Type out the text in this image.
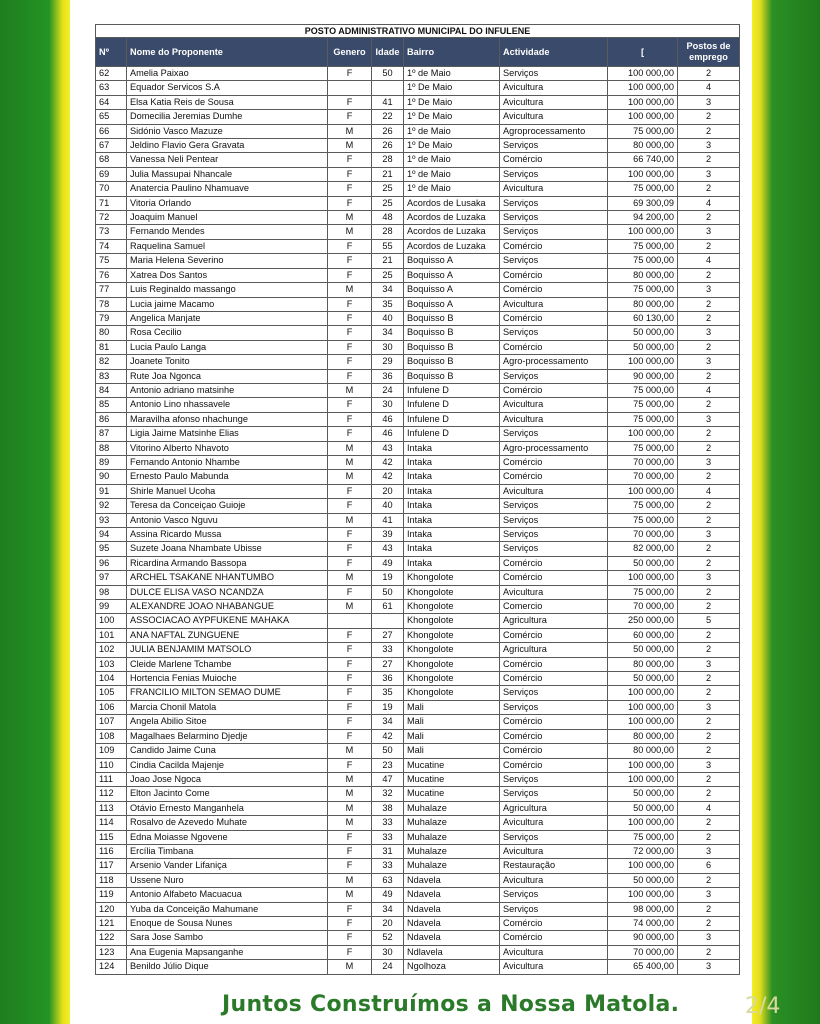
POSTO ADMINISTRATIVO MUNICIPAL DO INFULENE							
Nº	Nome do Proponente	Genero	Idade	Bairro	Actividade	[	Postos de emprego
62	Amelia Paixao	F	50	1º de Maio	Serviços	100 000,00	2
63	Equador Servicos S.A			1º De Maio	Avicultura	100 000,00	4
64	Elsa Katia Reis de Sousa	F	41	1º De Maio	Avicultura	100 000,00	3
65	Domecilia Jeremias Dumhe	F	22	1º De Maio	Avicultura	100 000,00	2
66	Sidónio Vasco Mazuze	M	26	1º de Maio	Agroprocessamento	75 000,00	2
67	Jeldino Flavio Gera Gravata	M	26	1º De Maio	Serviços	80 000,00	3
68	Vanessa Neli Pentear	F	28	1º de Maio	Comércio	66 740,00	2
69	Julia Massupai Nhancale	F	21	1º de Maio	Serviços	100 000,00	3
70	Anatercia Paulino Nhamuave	F	25	1º de Maio	Avicultura	75 000,00	2
71	Vitoria Orlando	F	25	Acordos de Lusaka	Serviços	69 300,09	4
72	Joaquim Manuel	M	48	Acordos de Luzaka	Serviços	94 200,00	2
73	Fernando Mendes	M	28	Acordos de Luzaka	Serviços	100 000,00	3
74	Raquelina Samuel	F	55	Acordos de Luzaka	Comércio	75 000,00	2
75	Maria Helena Severino	F	21	Boquisso A	Serviços	75 000,00	4
76	Xatrea Dos Santos	F	25	Boquisso A	Comércio	80 000,00	2
77	Luis Reginaldo massango	M	34	Boquisso A	Comércio	75 000,00	3
78	Lucia jaime Macamo	F	35	Boquisso A	Avicultura	80 000,00	2
79	Angelica Manjate	F	40	Boquisso B	Comércio	60 130,00	2
80	Rosa Cecilio	F	34	Boquisso B	Serviços	50 000,00	3
81	Lucia Paulo Langa	F	30	Boquisso B	Comércio	50 000,00	2
82	Joanete Tonito	F	29	Boquisso B	Agro-processamento	100 000,00	3
83	Rute Joa Ngonca	F	36	Boquisso B	Serviços	90 000,00	2
84	Antonio adriano matsinhe	M	24	Infulene D	Comércio	75 000,00	4
85	Antonio Lino nhassavele	F	30	Infulene D	Avicultura	75 000,00	2
86	Maravilha afonso nhachunge	F	46	Infulene D	Avicultura	75 000,00	3
87	Ligia Jaime Matsinhe Elias	F	46	Infulene D	Serviços	100 000,00	2
88	Vitorino Alberto Nhavoto	M	43	Intaka	Agro-processamento	75 000,00	2
89	Fernando Antonio Nhambe	M	42	Intaka	Comércio	70 000,00	3
90	Ernesto Paulo Mabunda	M	42	Intaka	Comércio	70 000,00	2
91	Shirle Manuel Ucoha	F	20	Intaka	Avicultura	100 000,00	4
92	Teresa da Conceiçao Guioje	F	40	Intaka	Serviços	75 000,00	2
93	Antonio Vasco Nguvu	M	41	Intaka	Serviços	75 000,00	2
94	Assina Ricardo Mussa	F	39	Intaka	Serviços	70 000,00	3
95	Suzete Joana Nhambate Ubisse	F	43	Intaka	Serviços	82 000,00	2
96	Ricardina Armando Bassopa	F	49	Intaka	Comércio	50 000,00	2
97	ARCHEL TSAKANE NHANTUMBO	M	19	Khongolote	Comércio	100 000,00	3
98	DULCE ELISA VASO NCANDZA	F	50	Khongolote	Avicultura	75 000,00	2
99	ALEXANDRE JOAO NHABANGUE	M	61	Khongolote	Comercio	70 000,00	2
100	ASSOCIACAO AYPFUKENE MAHAKA			Khongolote	Agricultura	250 000,00	5
101	ANA NAFTAL ZUNGUENE	F	27	Khongolote	Comércio	60 000,00	2
102	JULIA BENJAMIM MATSOLO	F	33	Khongolote	Agricultura	50 000,00	2
103	Cleide Marlene Tchambe	F	27	Khongolote	Comércio	80 000,00	3
104	Hortencia Fenias Muioche	F	36	Khongolote	Comércio	50 000,00	2
105	FRANCILIO MILTON SEMAO DUME	F	35	Khongolote	Serviços	100 000,00	2
106	Marcia Chonil Matola	F	19	Mali	Serviços	100 000,00	3
107	Angela Abilio Sitoe	F	34	Mali	Comércio	100 000,00	2
108	Magalhaes Belarmino Djedje	F	42	Mali	Comércio	80 000,00	2
109	Candido Jaime Cuna	M	50	Mali	Comércio	80 000,00	2
110	Cindia Cacilda Majenje	F	23	Mucatine	Comércio	100 000,00	3
111	Joao Jose Ngoca	M	47	Mucatine	Serviços	100 000,00	2
112	Elton Jacinto Come	M	32	Mucatine	Serviços	50 000,00	2
113	Otávio Ernesto Manganhela	M	38	Muhalaze	Agricultura	50 000,00	4
114	Rosalvo de Azevedo Muhate	M	33	Muhalaze	Avicultura	100 000,00	2
115	Edna Moiasse Ngovene	F	33	Muhalaze	Serviços	75 000,00	2
116	Ercília Timbana	F	31	Muhalaze	Avicultura	72 000,00	3
117	Arsenio Vander Lifaniça	F	33	Muhalaze	Restauração	100 000,00	6
118	Ussene Nuro	M	63	Ndavela	Avicultura	50 000,00	2
119	Antonio Alfabeto Macuacua	M	49	Ndavela	Serviços	100 000,00	3
120	Yuba da Conceição Mahumane	F	34	Ndavela	Serviços	98 000,00	2
121	Enoque de Sousa Nunes	F	20	Ndavela	Comércio	74 000,00	2
122	Sara Jose Sambo	F	52	Ndavela	Comércio	90 000,00	3
123	Ana Eugenia Mapsanganhe	F	30	Ndlavela	Avicultura	70 000,00	2
124	Benildo Júlio Dique	M	24	Ngolhoza	Avicultura	65 400,00	3
Juntos Construímos a Nossa Matola.	2/4
